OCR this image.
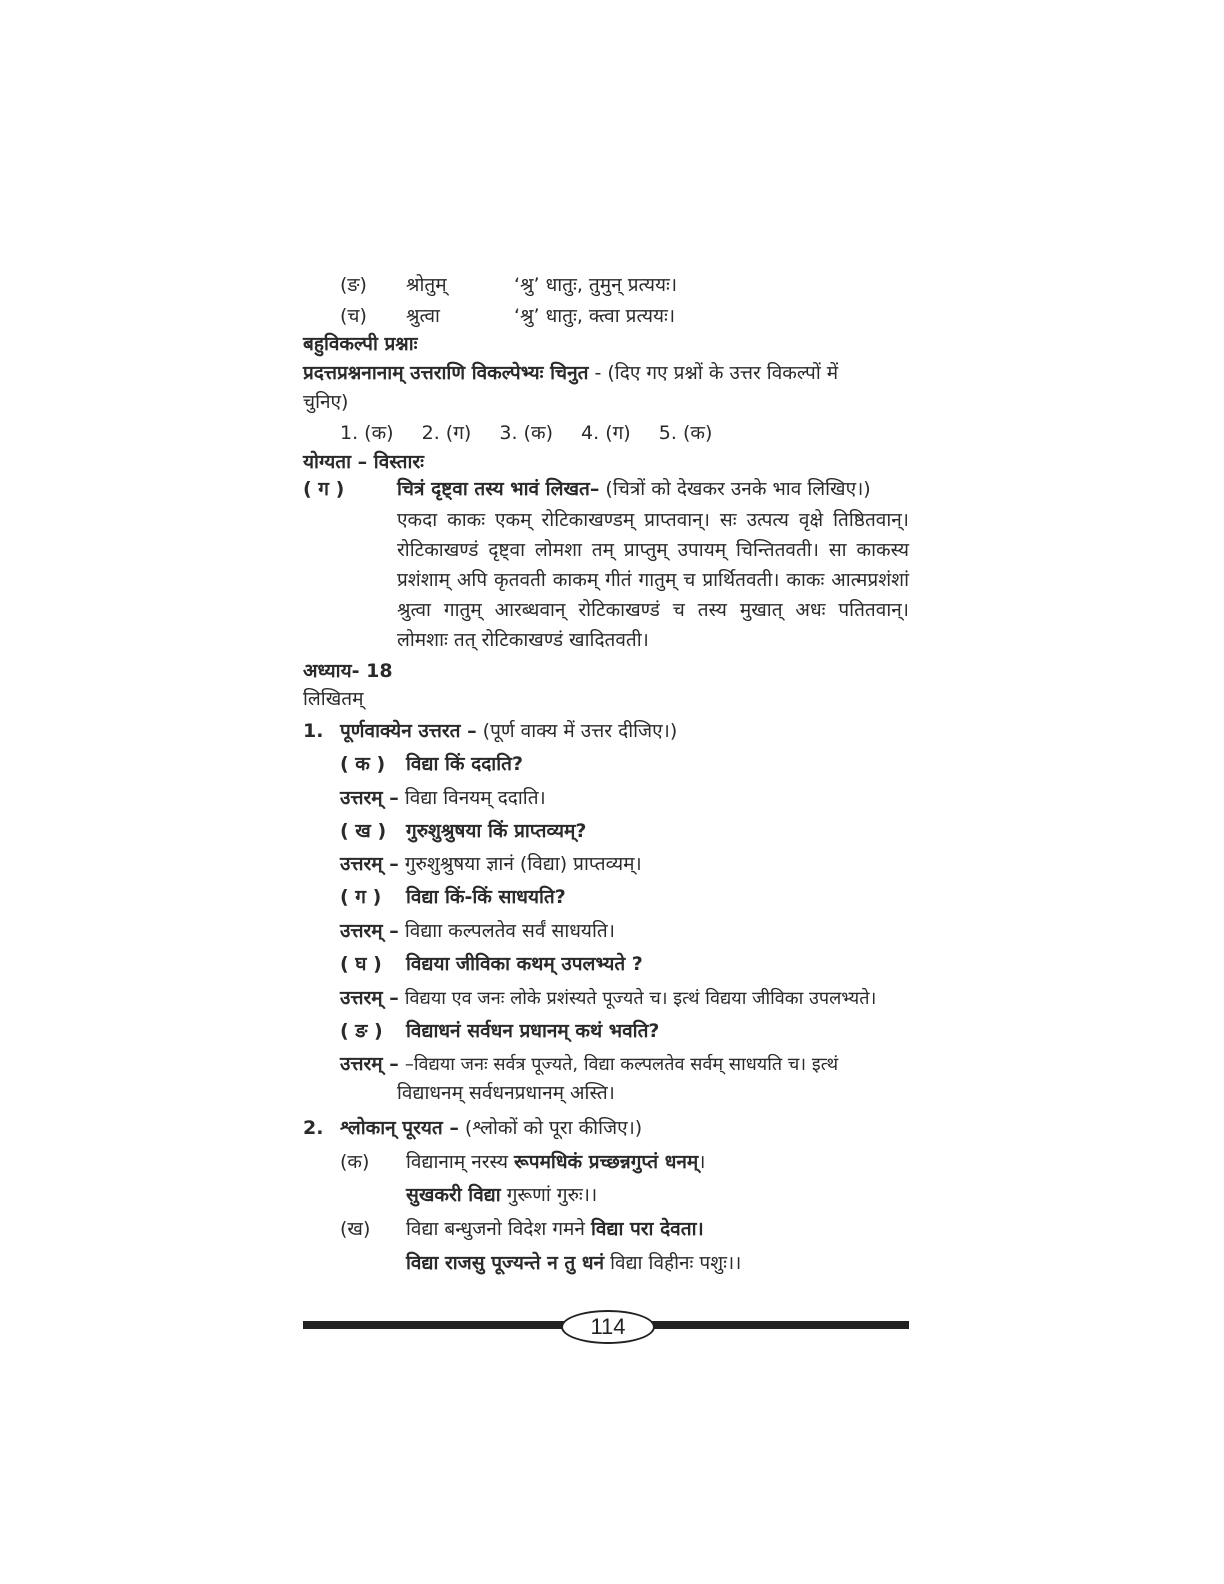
(ङ) श्रोतुम्	‘श्रु’ धातुः, तुमुन् प्रत्ययः।
(च) श्रुत्वा	‘श्रु’ धातुः, क्त्वा प्रत्ययः।
बहुविकल्पी प्रश्नाः
प्रदत्तप्रश्ननानाम् उत्तराणि विकल्पेभ्यः चिनुत - (दिए गए प्रश्नों के उत्तर विकल्पों में
चुनिए)
1. (क) 2. (ग) 3. (क) 4. (ग) 5. (क)
योग्यता – विस्तारः
( ग )	चित्रं दृष्ट्वा तस्य भावं लिखत– (चित्रों को देखकर उनके भाव लिखिए।)
एकदा काकः एकम् रोटिकाखण्डम् प्राप्तवान्। सः उत्पत्य वृक्षे तिष्ठितवान्। रोटिकाखण्डं दृष्ट्वा लोमशा तम् प्राप्तुम् उपायम् चिन्तितवती। सा काकस्य प्रशंशाम् अपि कृतवती काकम् गीतं गातुम् च प्रार्थितवती। काकः आत्मप्रशंशां श्रुत्वा गातुम् आरब्धवान् रोटिकाखण्डं च तस्य मुखात् अधः पतितवान्। लोमशाः तत् रोटिकाखण्डं खादितवती।
अध्याय- 18
लिखितम्
1. पूर्णवाक्येन उत्तरत – (पूर्ण वाक्य में उत्तर दीजिए।)
( क ) विद्या किं ददाति?
उत्तरम् – विद्या विनयम् ददाति।
( ख ) गुरुशुश्रुषया किं प्राप्तव्यम्?
उत्तरम् – गुरुशुश्रुषया ज्ञानं (विद्या) प्राप्तव्यम्।
( ग ) विद्या किं-किं साधयति?
उत्तरम् – विद्याा कल्पलतेव सर्वं साधयति।
( घ ) विद्यया जीविका कथम् उपलभ्यते ?
उत्तरम् – विद्यया एव जनः लोके प्रशंस्यते पूज्यते च। इत्थं विद्यया जीविका उपलभ्यते।
( ङ ) विद्याधनं सर्वधन प्रधानम् कथं भवति?
उत्तरम् – –विद्यया जनः सर्वत्र पूज्यते, विद्या कल्पलतेव सर्वम् साधयति च। इत्थं
विद्याधनम् सर्वधनप्रधानम् अस्ति।
2. श्लोकान् पूरयत – (श्लोकों को पूरा कीजिए।)
(क) विद्यानाम् नरस्य रूपमधिकं प्रच्छन्नगुप्तं धनम्।
सुखकरी विद्या गुरूणां गुरुः।।
(ख) विद्या बन्धुजनो विदेश गमने विद्या परा देवता।
विद्या राजसु पूज्यन्ते न तु धनं विद्या विहीनः पशुः।।
114
